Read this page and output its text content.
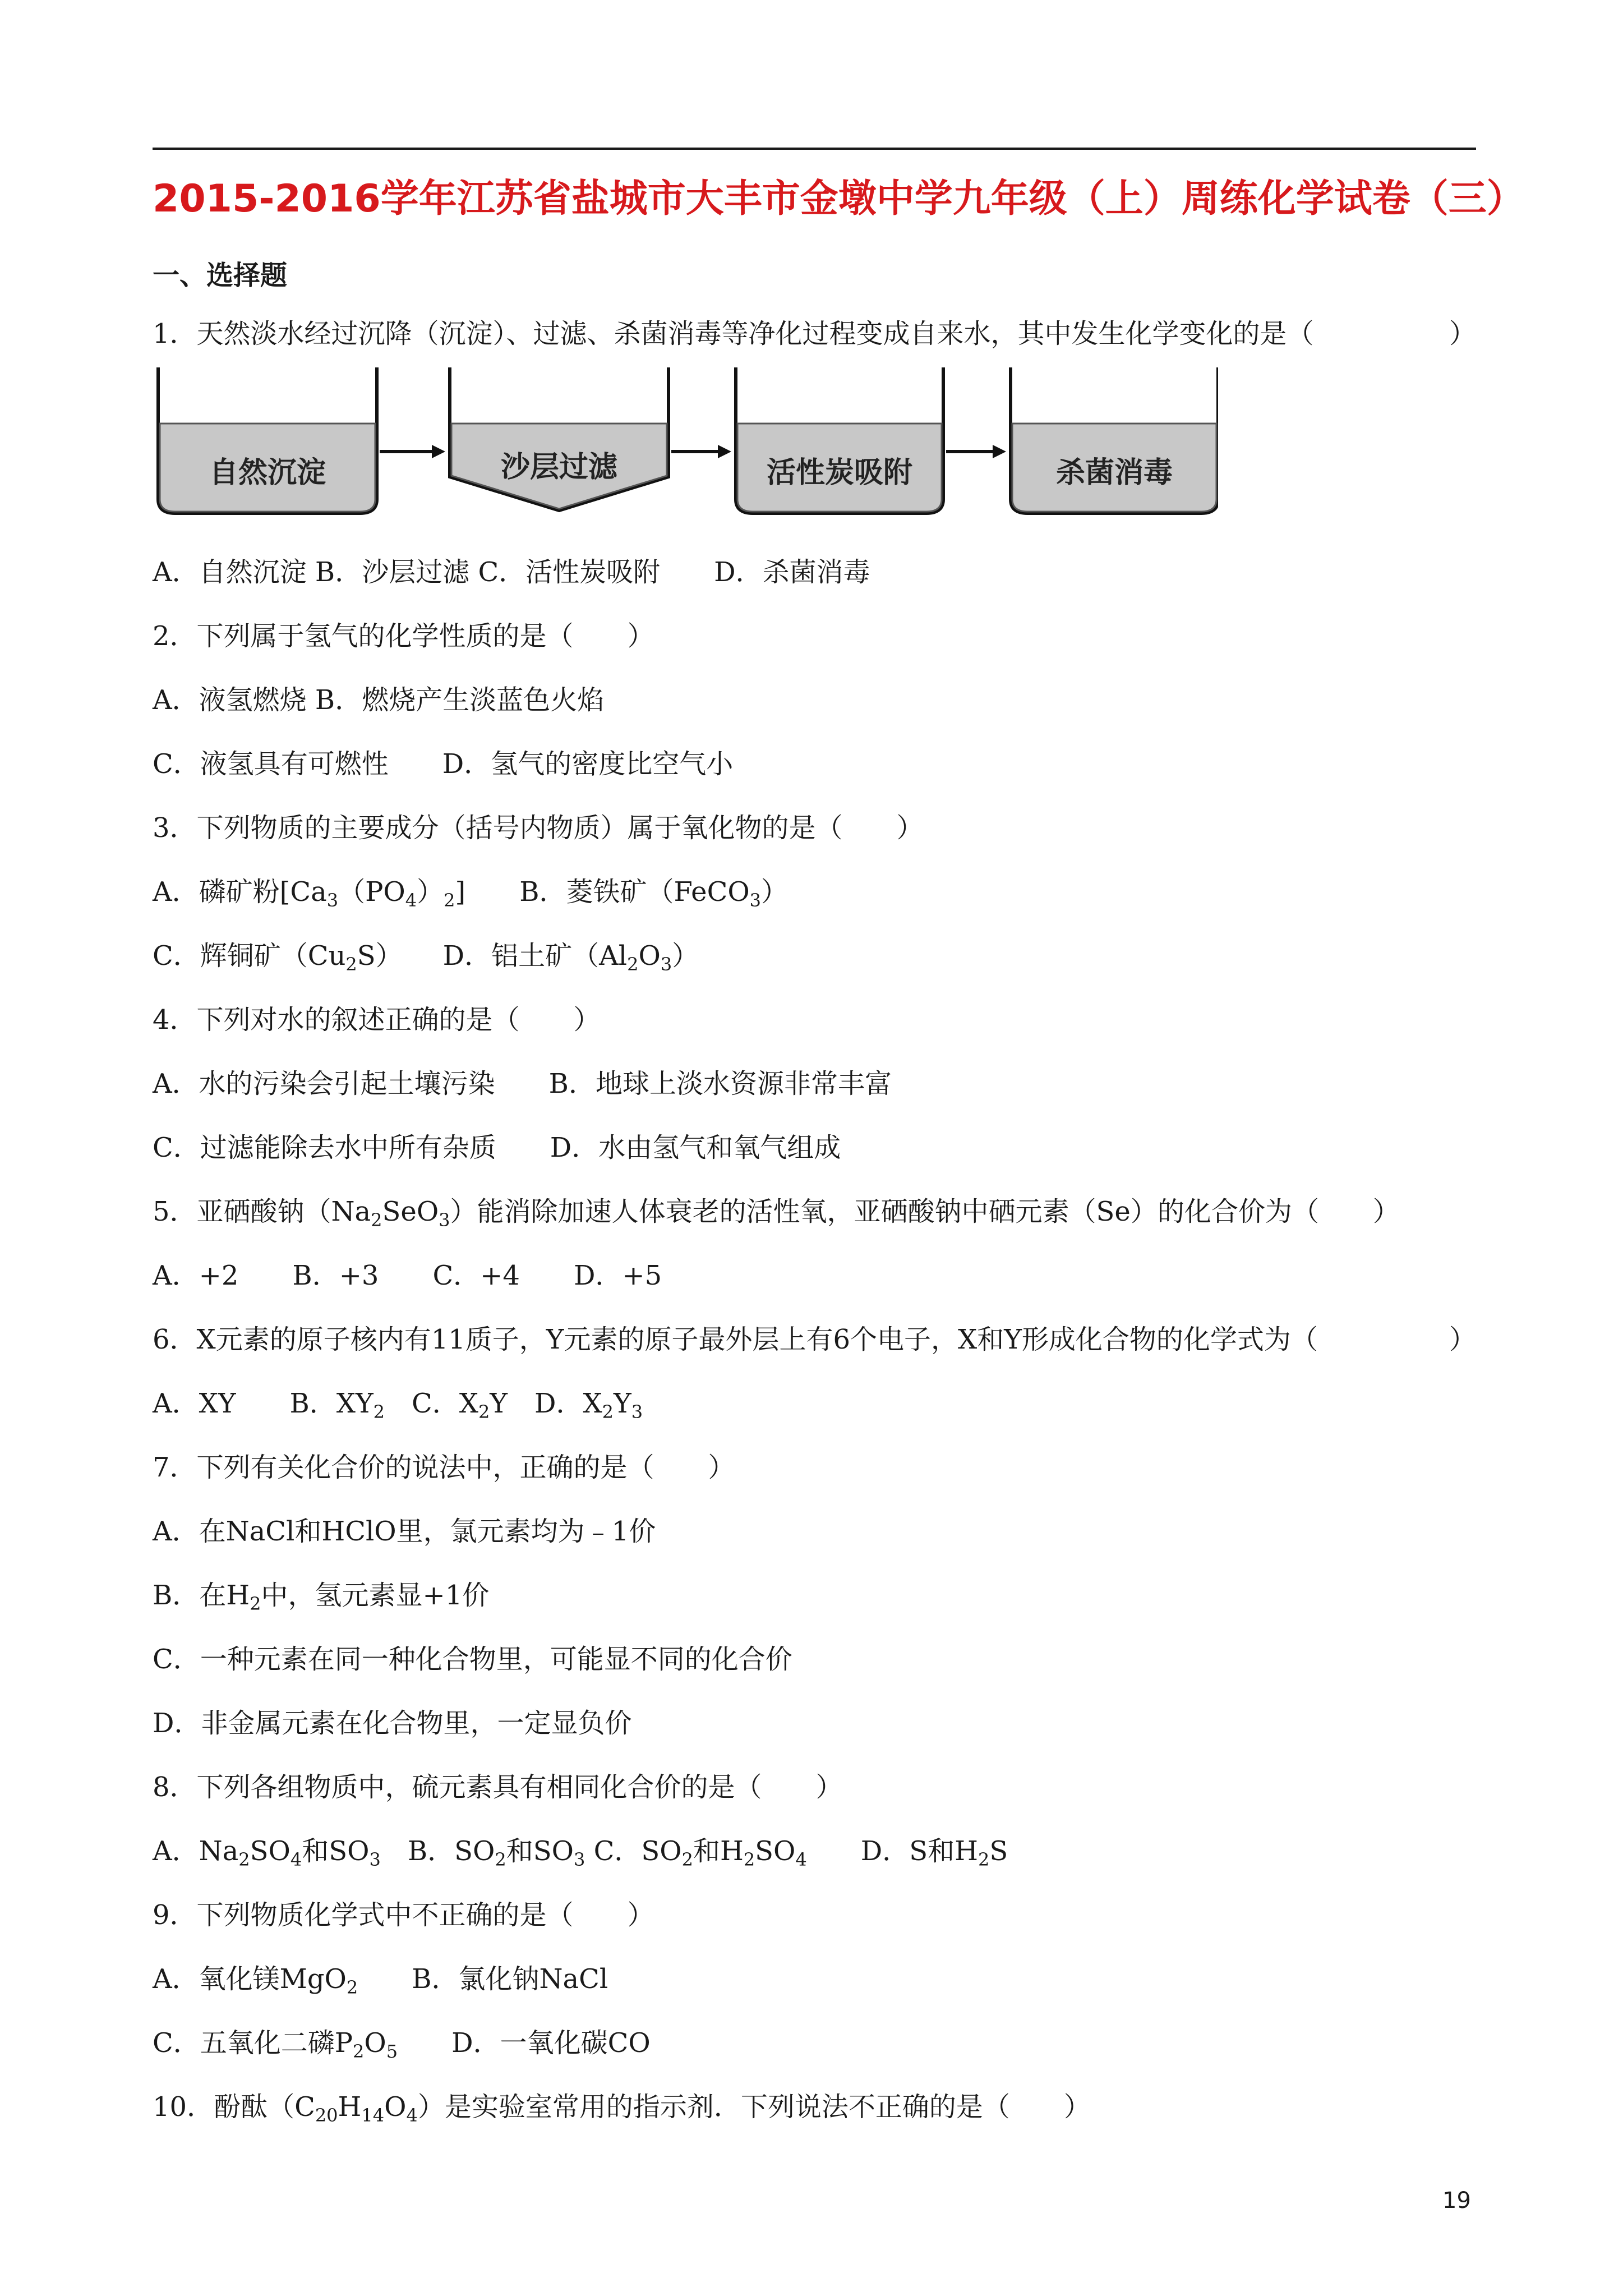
2015-2016学年江苏省盐城市大丰市金墩中学九年级（上）周练化学试卷（三）
一、选择题
1．天然淡水经过沉降（沉淀）、过滤、杀菌消毒等净化过程变成自来水，其中发生化学变化的是（	）
自然沉淀	沙层过滤	活性炭吸附	杀菌消毒
A．自然沉淀 B．沙层过滤 C．活性炭吸附　　D．杀菌消毒
2．下列属于氢气的化学性质的是（　　）
A．液氢燃烧 B．燃烧产生淡蓝色火焰
C．液氢具有可燃性　　D．氢气的密度比空气小
3．下列物质的主要成分（括号内物质）属于氧化物的是（　　）
A．磷矿粉$[Ca_3(PO_4)_2]$　　B．菱铁矿（FeCO$_3$）
C．辉铜矿$(Cu_2S)$　　D．铝土矿$(Al_2O_3)$
4．下列对水的叙述正确的是（　　）
A．水的污染会引起土壤污染　　B．地球上淡水资源非常丰富
C．过滤能除去水中所有杂质　　D．水由氢气和氧气组成
5．亚硒酸钠$(Na_2SeO_3)$能消除加速人体衰老的活性氧，亚硒酸钠中硒元素（Se）的化合价为（　　）
A．+2　　B．+3　　C．+4　　D．+5
6．X元素的原子核内有11质子，Y元素的原子最外层上有6个电子，X和Y形成化合物的化学式为（	）
A．XY　　B．$XY_2$　C．$X_2Y$　D．$X_2Y_3$
7．下列有关化合价的说法中，正确的是（　　）
A．在NaCl和HClO里，氯元素均为﹣1价
B．在$H_2$中，氢元素显+1价
C．一种元素在同一种化合物里，可能显不同的化合价
D．非金属元素在化合物里，一定显负价
8．下列各组物质中，硫元素具有相同化合价的是（　　）
A．$Na_2SO_4$和$SO_3$　B．$SO_2$和$SO_3$ C．$SO_2$和$H_2SO_4$　　D．S和$H_2S$
9．下列物质化学式中不正确的是（　　）
A．氧化镁MgO$_2$　　B．氯化钠NaCl
C．五氧化二磷$P_2O_5$　　D．一氧化碳CO
10．酚酞$(C_{20}H_{14}O_4)$是实验室常用的指示剂．下列说法不正确的是（　　）
19
